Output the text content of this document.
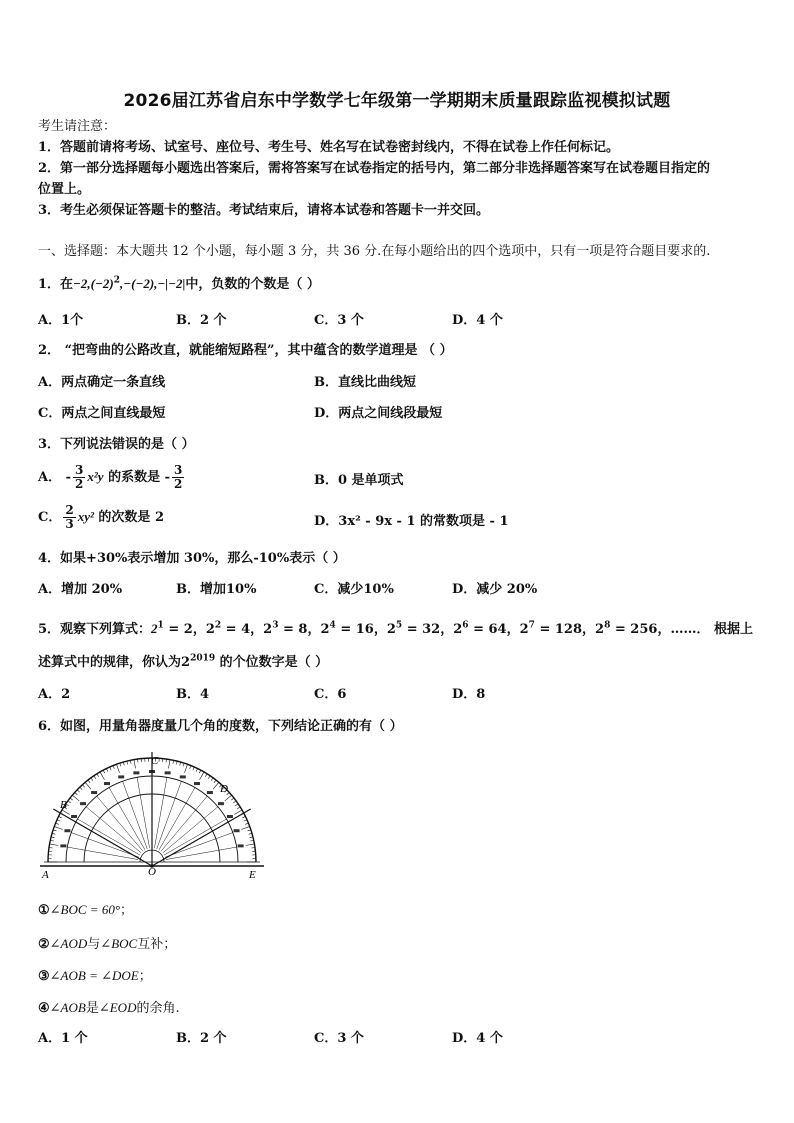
2026届江苏省启东中学数学七年级第一学期期末质量跟踪监视模拟试题
考生请注意：
1．答题前请将考场、试室号、座位号、考生号、姓名写在试卷密封线内，不得在试卷上作任何标记。
2．第一部分选择题每小题选出答案后，需将答案写在试卷指定的括号内，第二部分非选择题答案写在试卷题目指定的
位置上。
3．考生必须保证答题卡的整洁。考试结束后，请将本试卷和答题卡一并交回。
一、选择题：本大题共 12 个小题，每小题 3 分，共 36 分.在每小题给出的四个选项中，只有一项是符合题目要求的.
1．在$-2,(-2)^2,-(-2),-|-2|$中，负数的个数是（ ）
A．1个	B．2 个	C．3 个	D．4 个
2． “把弯曲的公路改直，就能缩短路程”，其中蕴含的数学道理是 （ ）
A．两点确定一条直线	B．直线比曲线短
C．两点之间直线最短	D．两点之间线段最短
3．下列说法错误的是（ ）
A． - $\frac{3}{2} x^2y$ 的系数是 - $\frac{3}{2}$	B．0 是单项式
C． $\frac{2}{3} xy^2$ 的次数是 2	D．3x² - 9x - 1 的常数项是 - 1
4．如果+30%表示增加 30%，那么-10%表示（ ）
A．增加 20%	B．增加10%	C．减少10%	D．减少 20%
5．观察下列算式：$2^1 = 2$，$2^2 = 4$，$2^3 = 8$，$2^4 = 16$，$2^5 = 32$，$2^6 = 64$，$2^7 = 128$，$2^8 = 256$，……． 根据上
述算式中的规律，你认为$2^{2019}$ 的个位数字是（ ）
A．2	B．4	C．6	D．8
6．如图，用量角器度量几个角的度数，下列结论正确的有（ ）
A
B
C
D
E
O
①∠BOC = 60°；
②∠AOD与∠BOC互补；
③∠AOB = ∠DOE；
④∠AOB是∠EOD的余角.
A．1 个	B．2 个	C．3 个	D．4 个
